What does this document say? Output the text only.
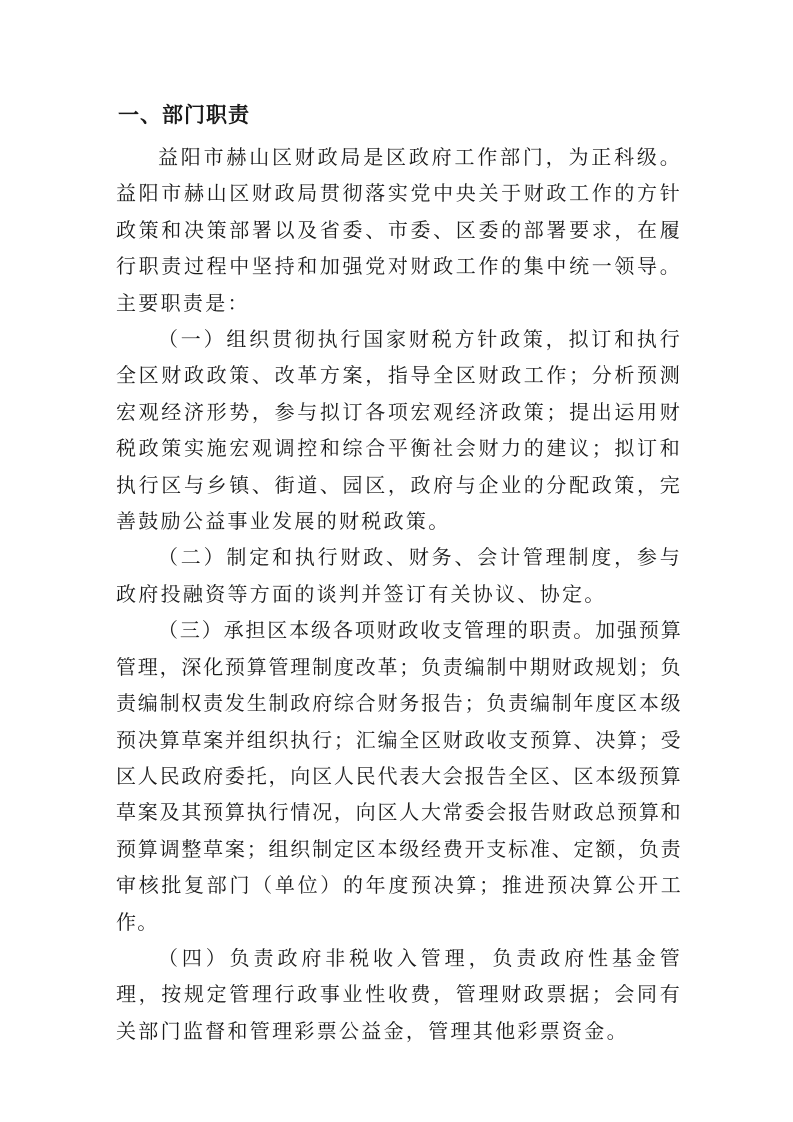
一、部门职责

益阳市赫山区财政局是区政府工作部门，为正科级。益阳市赫山区财政局贯彻落实党中央关于财政工作的方针政策和决策部署以及省委、市委、区委的部署要求，在履行职责过程中坚持和加强党对财政工作的集中统一领导。主要职责是：

（一）组织贯彻执行国家财税方针政策，拟订和执行全区财政政策、改革方案，指导全区财政工作；分析预测宏观经济形势，参与拟订各项宏观经济政策；提出运用财税政策实施宏观调控和综合平衡社会财力的建议；拟订和执行区与乡镇、街道、园区，政府与企业的分配政策，完善鼓励公益事业发展的财税政策。

（二）制定和执行财政、财务、会计管理制度，参与政府投融资等方面的谈判并签订有关协议、协定。

（三）承担区本级各项财政收支管理的职责。加强预算管理，深化预算管理制度改革；负责编制中期财政规划；负责编制权责发生制政府综合财务报告；负责编制年度区本级预决算草案并组织执行；汇编全区财政收支预算、决算；受区人民政府委托，向区人民代表大会报告全区、区本级预算草案及其预算执行情况，向区人大常委会报告财政总预算和预算调整草案；组织制定区本级经费开支标准、定额，负责审核批复部门（单位）的年度预决算；推进预决算公开工作。

（四）负责政府非税收入管理，负责政府性基金管理，按规定管理行政事业性收费，管理财政票据；会同有关部门监督和管理彩票公益金，管理其他彩票资金。
